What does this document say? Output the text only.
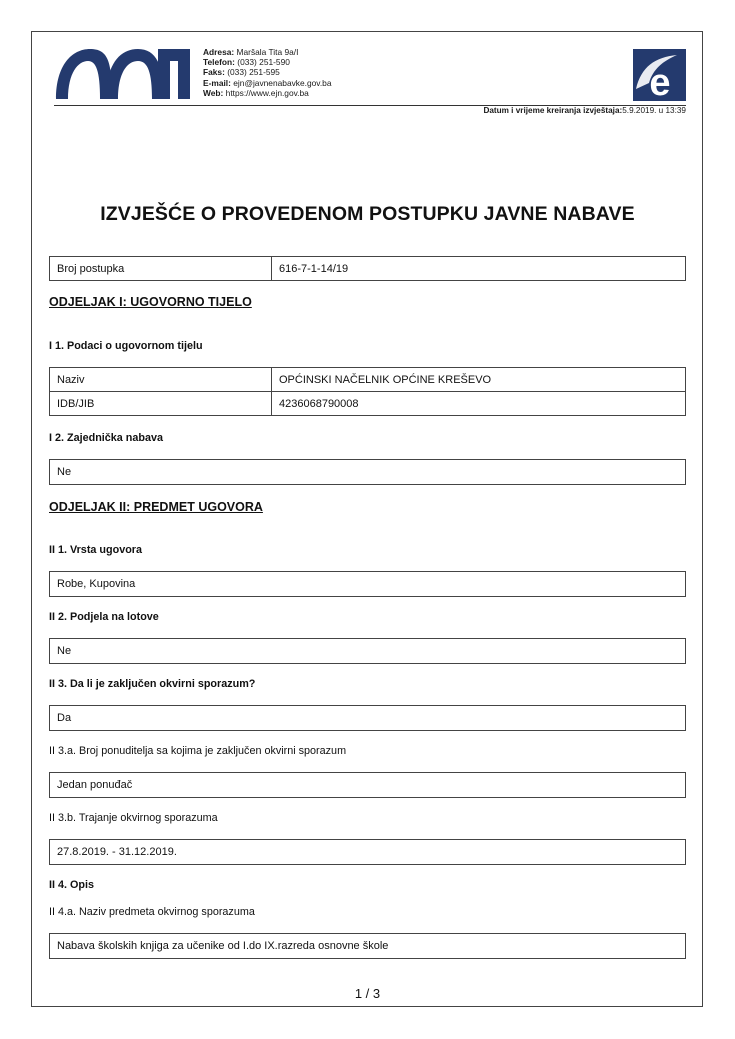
Adresa: Maršala Tita 9a/I
Telefon: (033) 251-590
Faks: (033) 251-595
E-mail: ejn@javnenabavke.gov.ba
Web: https://www.ejn.gov.ba	e
Datum i vrijeme kreiranja izvještaja:5.9.2019. u 13:39
IZVJEŠĆE O PROVEDENOM POSTUPKU JAVNE NABAVE
Broj postupka	616-7-1-14/19
ODJELJAK I: UGOVORNO TIJELO
I 1. Podaci o ugovornom tijelu
Naziv	OPĆINSKI NAČELNIK OPĆINE KREŠEVO
IDB/JIB	4236068790008
I 2. Zajednička nabava
Ne
ODJELJAK II: PREDMET UGOVORA
II 1. Vrsta ugovora
Robe, Kupovina
II 2. Podjela na lotove
Ne
II 3. Da li je zaključen okvirni sporazum?
Da
II 3.a. Broj ponuditelja sa kojima je zaključen okvirni sporazum
Jedan ponuđač
II 3.b. Trajanje okvirnog sporazuma
27.8.2019. - 31.12.2019.
II 4. Opis
II 4.a. Naziv predmeta okvirnog sporazuma
Nabava školskih knjiga za učenike od I.do IX.razreda osnovne škole
1 / 3
